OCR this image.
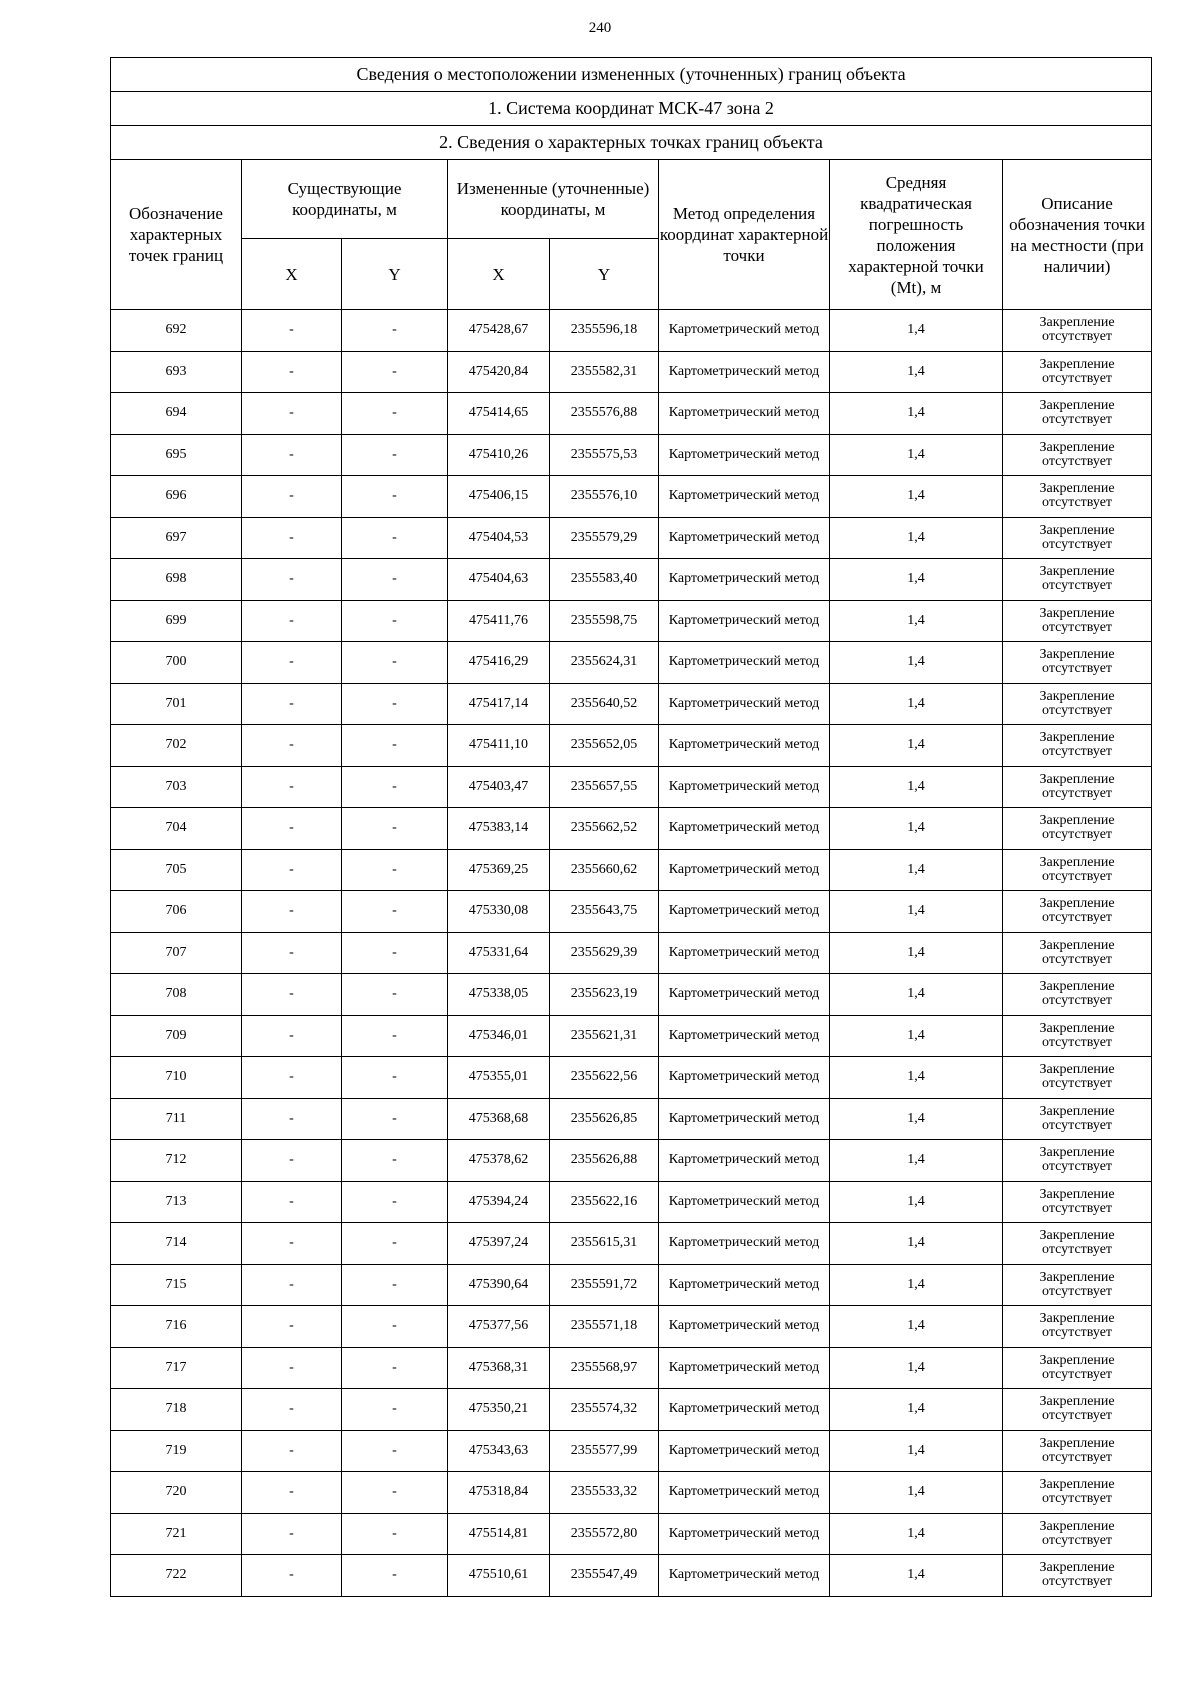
240
Сведения о местоположении измененных (уточненных) границ объекта							
1. Система координат МСК-47 зона 2							
2. Сведения о характерных точках границ объекта							
Обозначение характерных точек границ	Существующие координаты, м		Измененные (уточненные) координаты, м		Метод определения координат характерной точки	Средняя квадратическая погрешность положения характерной точки (Mt), м	Описание обозначения точки на местности (при наличии)
	X	Y	X	Y			
692	-	-	475428,67	2355596,18	Картометрический метод	1,4	Закрепление отсутствует
693	-	-	475420,84	2355582,31	Картометрический метод	1,4	Закрепление отсутствует
694	-	-	475414,65	2355576,88	Картометрический метод	1,4	Закрепление отсутствует
695	-	-	475410,26	2355575,53	Картометрический метод	1,4	Закрепление отсутствует
696	-	-	475406,15	2355576,10	Картометрический метод	1,4	Закрепление отсутствует
697	-	-	475404,53	2355579,29	Картометрический метод	1,4	Закрепление отсутствует
698	-	-	475404,63	2355583,40	Картометрический метод	1,4	Закрепление отсутствует
699	-	-	475411,76	2355598,75	Картометрический метод	1,4	Закрепление отсутствует
700	-	-	475416,29	2355624,31	Картометрический метод	1,4	Закрепление отсутствует
701	-	-	475417,14	2355640,52	Картометрический метод	1,4	Закрепление отсутствует
702	-	-	475411,10	2355652,05	Картометрический метод	1,4	Закрепление отсутствует
703	-	-	475403,47	2355657,55	Картометрический метод	1,4	Закрепление отсутствует
704	-	-	475383,14	2355662,52	Картометрический метод	1,4	Закрепление отсутствует
705	-	-	475369,25	2355660,62	Картометрический метод	1,4	Закрепление отсутствует
706	-	-	475330,08	2355643,75	Картометрический метод	1,4	Закрепление отсутствует
707	-	-	475331,64	2355629,39	Картометрический метод	1,4	Закрепление отсутствует
708	-	-	475338,05	2355623,19	Картометрический метод	1,4	Закрепление отсутствует
709	-	-	475346,01	2355621,31	Картометрический метод	1,4	Закрепление отсутствует
710	-	-	475355,01	2355622,56	Картометрический метод	1,4	Закрепление отсутствует
711	-	-	475368,68	2355626,85	Картометрический метод	1,4	Закрепление отсутствует
712	-	-	475378,62	2355626,88	Картометрический метод	1,4	Закрепление отсутствует
713	-	-	475394,24	2355622,16	Картометрический метод	1,4	Закрепление отсутствует
714	-	-	475397,24	2355615,31	Картометрический метод	1,4	Закрепление отсутствует
715	-	-	475390,64	2355591,72	Картометрический метод	1,4	Закрепление отсутствует
716	-	-	475377,56	2355571,18	Картометрический метод	1,4	Закрепление отсутствует
717	-	-	475368,31	2355568,97	Картометрический метод	1,4	Закрепление отсутствует
718	-	-	475350,21	2355574,32	Картометрический метод	1,4	Закрепление отсутствует
719	-	-	475343,63	2355577,99	Картометрический метод	1,4	Закрепление отсутствует
720	-	-	475318,84	2355533,32	Картометрический метод	1,4	Закрепление отсутствует
721	-	-	475514,81	2355572,80	Картометрический метод	1,4	Закрепление отсутствует
722	-	-	475510,61	2355547,49	Картометрический метод	1,4	Закрепление отсутствует
